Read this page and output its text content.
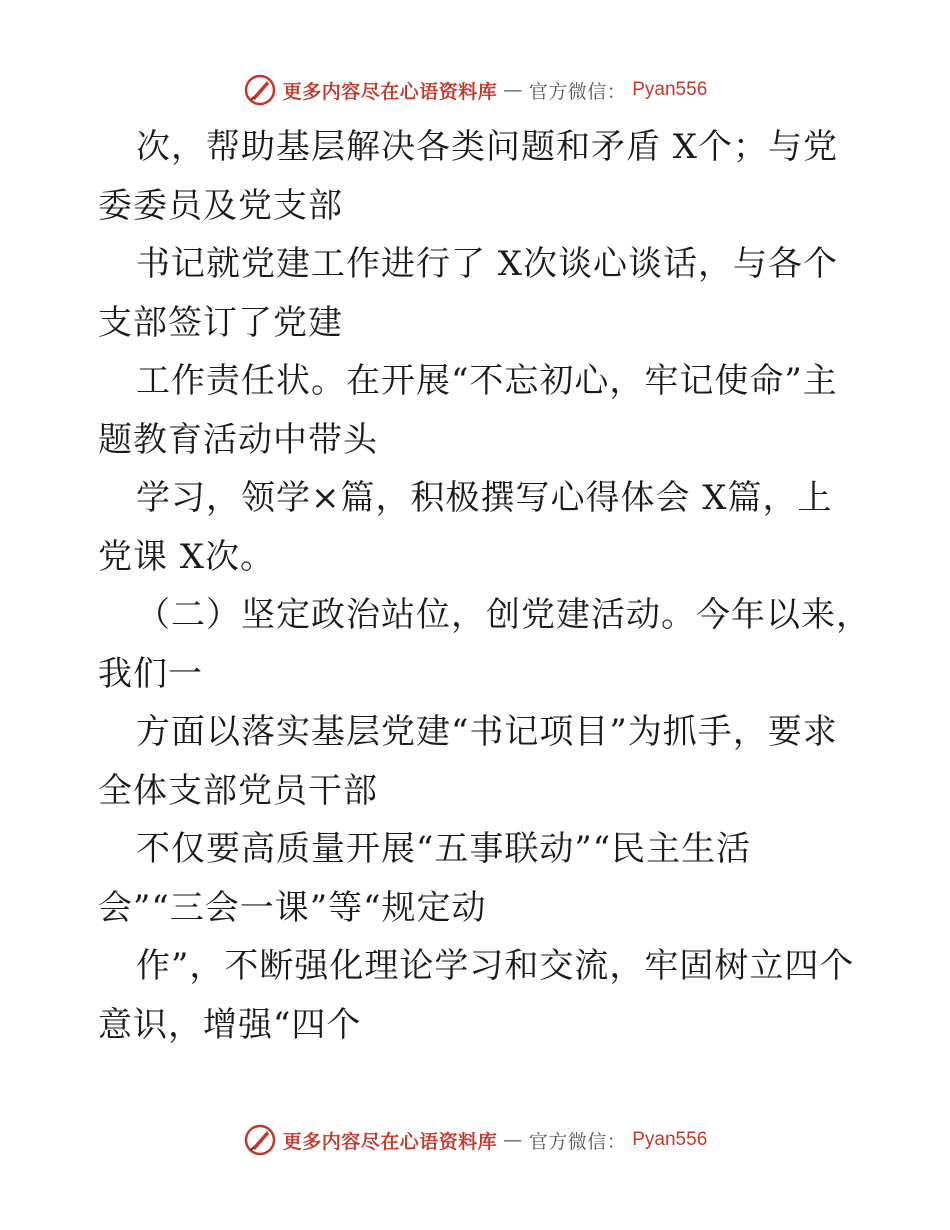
更多内容尽在心语资料库 — 官方微信： Pyan556
次，帮助基层解决各类问题和矛盾 X个；与党
委委员及党支部
书记就党建工作进行了 X次谈心谈话，与各个
支部签订了党建
工作责任状。在开展“不忘初心，牢记使命”主
题教育活动中带头
学习，领学×篇，积极撰写心得体会 X篇，上
党课 X次。
（二）坚定政治站位，创党建活动。今年以来，
我们一
方面以落实基层党建“书记项目”为抓手，要求
全体支部党员干部
不仅要高质量开展“五事联动”“民主生活
会”“三会一课”等“规定动
作”，不断强化理论学习和交流，牢固树立四个
意识，增强“四个
更多内容尽在心语资料库 — 官方微信： Pyan556
